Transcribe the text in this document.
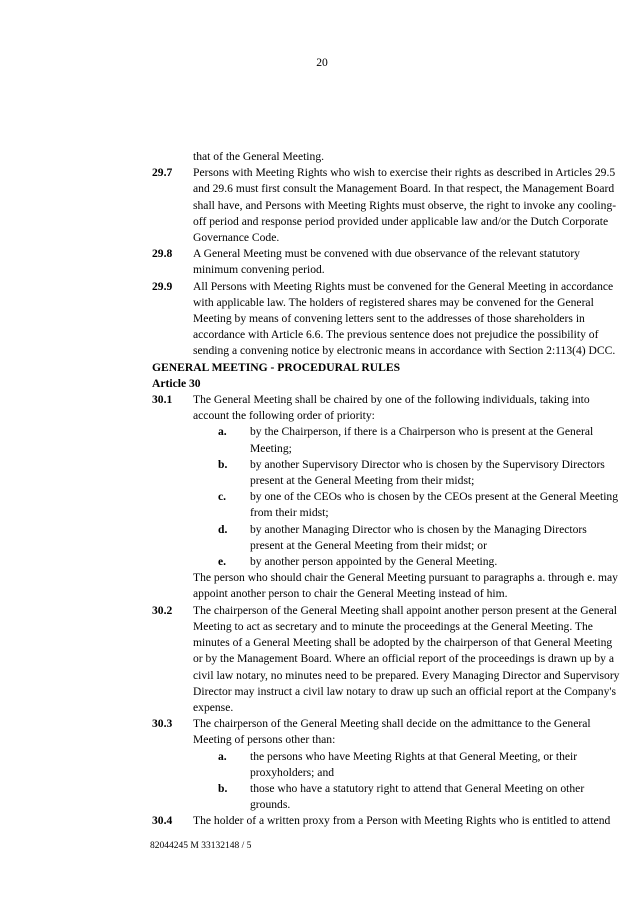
20
that of the General Meeting.
29.7	Persons with Meeting Rights who wish to exercise their rights as described in Articles 29.5 and 29.6 must first consult the Management Board. In that respect, the Management Board shall have, and Persons with Meeting Rights must observe, the right to invoke any cooling-off period and response period provided under applicable law and/or the Dutch Corporate Governance Code.
29.8	A General Meeting must be convened with due observance of the relevant statutory minimum convening period.
29.9	All Persons with Meeting Rights must be convened for the General Meeting in accordance with applicable law. The holders of registered shares may be convened for the General Meeting by means of convening letters sent to the addresses of those shareholders in accordance with Article 6.6. The previous sentence does not prejudice the possibility of sending a convening notice by electronic means in accordance with Section 2:113(4) DCC.
GENERAL MEETING - PROCEDURAL RULES
Article 30
30.1	The General Meeting shall be chaired by one of the following individuals, taking into account the following order of priority:
a.	by the Chairperson, if there is a Chairperson who is present at the General Meeting;
b.	by another Supervisory Director who is chosen by the Supervisory Directors present at the General Meeting from their midst;
c.	by one of the CEOs who is chosen by the CEOs present at the General Meeting from their midst;
d.	by another Managing Director who is chosen by the Managing Directors present at the General Meeting from their midst; or
e.	by another person appointed by the General Meeting.
The person who should chair the General Meeting pursuant to paragraphs a. through e. may appoint another person to chair the General Meeting instead of him.
30.2	The chairperson of the General Meeting shall appoint another person present at the General Meeting to act as secretary and to minute the proceedings at the General Meeting. The minutes of a General Meeting shall be adopted by the chairperson of that General Meeting or by the Management Board. Where an official report of the proceedings is drawn up by a civil law notary, no minutes need to be prepared. Every Managing Director and Supervisory Director may instruct a civil law notary to draw up such an official report at the Company's expense.
30.3	The chairperson of the General Meeting shall decide on the admittance to the General Meeting of persons other than:
a.	the persons who have Meeting Rights at that General Meeting, or their proxyholders; and
b.	those who have a statutory right to attend that General Meeting on other grounds.
30.4	The holder of a written proxy from a Person with Meeting Rights who is entitled to attend
82044245 M 33132148 / 5
